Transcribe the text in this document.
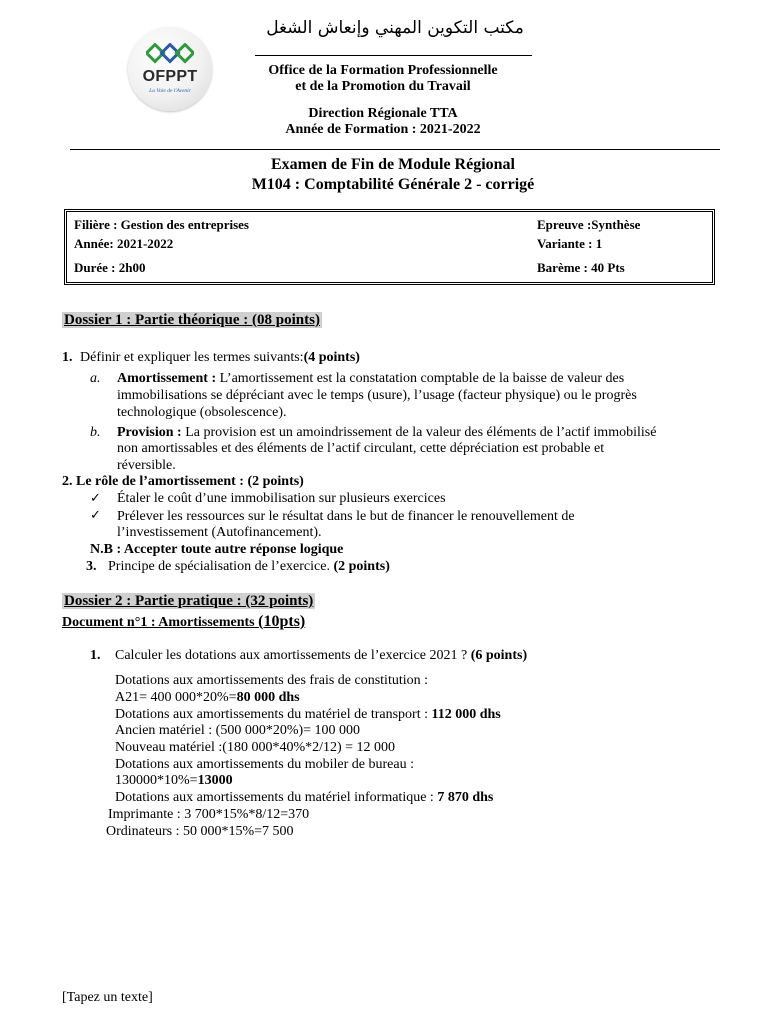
OFPPT
La Voie de l'Avenir
مكتب التكوين المهني وإنعاش الشغل
Office de la Formation Professionnelle
et de la Promotion du Travail
Direction Régionale TTA
Année de Formation : 2021-2022
Examen de Fin de Module Régional
M104 : Comptabilité Générale 2 - corrigé
Filière : Gestion des entreprises
Année: 2021-2022
Durée : 2h00
Epreuve :Synthèse
Variante : 1
Barème : 40 Pts
Dossier 1 : Partie théorique : (08 points)
1. Définir et expliquer les termes suivants:(4 points)
a. Amortissement : L’amortissement est la constatation comptable de la baisse de valeur des
immobilisations se dépréciant avec le temps (usure), l’usage (facteur physique) ou le progrès
technologique (obsolescence).
b. Provision : La provision est un amoindrissement de la valeur des éléments de l’actif immobilisé
non amortissables et des éléments de l’actif circulant, cette dépréciation est probable et
réversible.
2. Le rôle de l’amortissement : (2 points)
✓ Étaler le coût d’une immobilisation sur plusieurs exercices
✓ Prélever les ressources sur le résultat dans le but de financer le renouvellement de
l’investissement (Autofinancement).
N.B : Accepter toute autre réponse logique
3. Principe de spécialisation de l’exercice. (2 points)
Dossier 2 : Partie pratique : (32 points)
Document n°1 : Amortissements (10pts)
1. Calculer les dotations aux amortissements de l’exercice 2021 ? (6 points)
Dotations aux amortissements des frais de constitution :
A21= 400 000*20%=80 000 dhs
Dotations aux amortissements du matériel de transport : 112 000 dhs
Ancien matériel : (500 000*20%)= 100 000
Nouveau matériel :(180 000*40%*2/12) = 12 000
Dotations aux amortissements du mobiler de bureau :
130000*10%=13000
Dotations aux amortissements du matériel informatique : 7 870 dhs
Imprimante : 3 700*15%*8/12=370
Ordinateurs : 50 000*15%=7 500
[Tapez un texte]
